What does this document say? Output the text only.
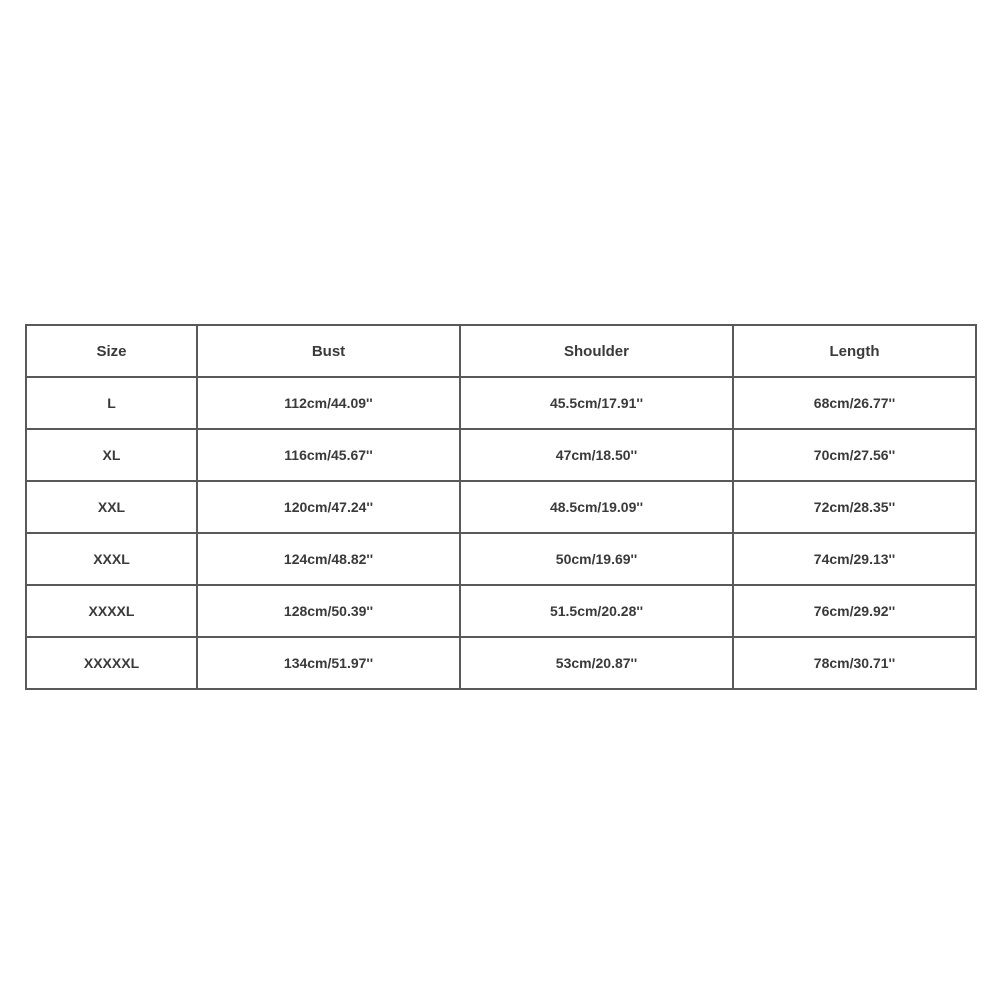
Size	Bust	Shoulder	Length
L	112cm/44.09''	45.5cm/17.91''	68cm/26.77''
XL	116cm/45.67''	47cm/18.50''	70cm/27.56''
XXL	120cm/47.24''	48.5cm/19.09''	72cm/28.35''
XXXL	124cm/48.82''	50cm/19.69''	74cm/29.13''
XXXXL	128cm/50.39''	51.5cm/20.28''	76cm/29.92''
XXXXXL	134cm/51.97''	53cm/20.87''	78cm/30.71''
